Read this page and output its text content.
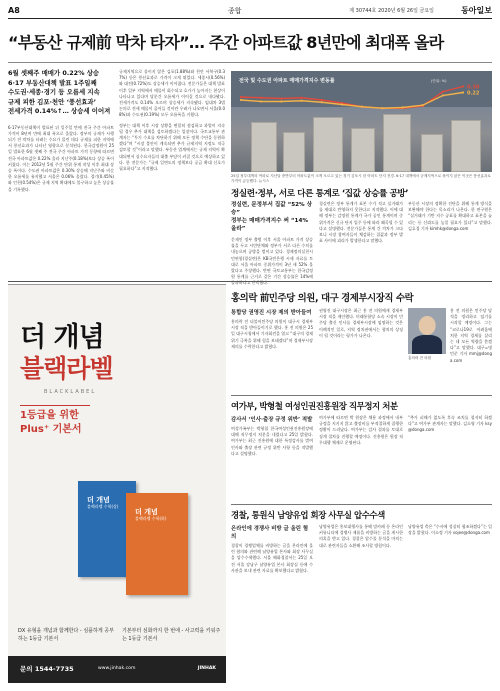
A8	종합	제 30744호 2020년 6월 26일 금요일	동아일보
“부동산 규제前 막차 타자”… 주간 아파트값 8년만에 최대폭 올라
6월 셋째주 매매가 0.22% 상승
6·17 부동산대책 발표 1주일째
수도권·세종·경기 등 오름세 지속
규제 피한 김포·천안 ‘풍선효과’
전세가격 0.14%↑… 상승세 이어져
6·17부동산대책이 발표된 뒤 일주일 만에 전국 주간 아파트 가격이 8년여 만에 최대 폭으로 올랐다. 정부의 규제가 시행되기 전 막차를 타려는 수요가 몰린 데다 규제를 피한 지역에서 풍선효과가 나타난 영향으로 분석된다. 한국감정원이 25일 발표한 6월 셋째 주 전국 주간 아파트 가격 동향에 따르면 전국 아파트값은 0.22% 올라 지난주(0.18%)보다 상승 폭이 커졌다. 이는 2012년 5월 주간 단위 통계 작성 이후 최대 상승 폭이다. 수도권 아파트값은 0.30% 상승해 지난주와 비슷한 오름세를 유지했고 서울은 0.06% 올랐다. 경기(0.45%)와 인천(0.54%)은 규제 지역 확대에도 불구하고 높은 상승률을 기록했다.
규제지역으로 묶이지 않은 김포(1.88%)와 천안 서북구(0.37%) 등은 풍선효과로 가격이 크게 뛰었다. 세종시(0.56%)와 대전(0.72%)도 상승세가 이어졌다. 전문가들은 대책 발표 이후 일부 지역에서 매물이 회수되고 호가가 높아지는 현상이 나타나고 있다며 당분간 오름세가 이어질 것으로 내다봤다. 전세가격도 0.14% 오르며 상승세가 지속됐다. 임대차 3법 논의로 전세 매물이 줄어들 것이란 우려가 나오면서 서울(0.08%)과 수도권(0.19%) 모두 오름폭을 키웠다.
정부는 대책 이후 시장 상황을 면밀히 점검하고 과열이 지속될 경우 추가 대책을 검토하겠다는 입장이다. 국토교통부 관계자는 “투기 수요를 차단하기 위해 모든 정책 수단을 동원하겠다”며 “시장 불안이 계속되면 추가 규제지역 지정도 적극 검토할 것”이라고 말했다. 부동산 업계에서는 규제 지역이 확대되면서 실수요자들의 대출 부담이 커질 것으로 예상하고 있다. 한 전문가는 “규제 일변도의 정책보다 공급 확대 신호가 필요하다”고 지적했다.
전국 및 수도권 아파트 매매가격지수 변동률	(단위: %)
0.30
0.22
25일 정부대책의 여파로 지난달 중반부터 아파트값이 크게 오르고 있는 경기 김포시 한 아파트 단지 전경. 6·17 대책에서 규제지역으로 묶이지 않은 이곳은 풍선효과로 가격이 급등했다. 뉴시스
정실련·정부, 서로 다른 통계로 ‘집값 상승률 공방’
정실련, 문정부서 집값 “52% 상승”
정부는 매매가격지수 써 “14% 올라”
문재인 정부 출범 이후 서울 아파트 가격 상승률을 두고 시민단체와 정부가 서로 다른 수치를 내놓으며 공방을 벌이고 있다. 경제정의실천시민연합(경실련)은 KB국민은행 시세 자료를 토대로 서울 아파트 중위가격이 3년 새 52% 올랐다고 주장했다. 반면 국토교통부는 한국감정원 통계를 근거로 같은 기간 상승률은 14%에 불과하다고 반박했다.
경실련은 정부 통계가 표본 수가 적고 실거래가를 제대로 반영하지 못한다고 지적했다. 이에 대해 정부는 감정원 통계가 국가 공인 통계이며 중위가격은 신규 단지 입주 등에 따라 왜곡될 수 있다고 설명했다. 전문가들은 통계 간 격차가 크다 보니 시장 참여자들이 체감하는 집값과 정부 발표 사이에 괴리가 발생한다고 말했다.
부동산 시장의 정확한 진단을 위해 통계 방식을 보완해야 한다는 목소리가 나온다. 한 연구원은 “실거래가 기반 지수 공표를 확대하고 표본을 늘리는 등 신뢰도를 높일 필요가 있다”고 말했다. 김호경 기자 kimhk@donga.com
더 개념
블랙라벨
BLACKLABEL
1등급을 위한
Plus⁺ 기본서
더 개념
블랙라벨 수학(상)
더 개념
블랙라벨 수학(하)
DX 유형을 개념과 함께한다 - 심플하게 공부하는 1등급 기본서
기본부터 심화까지 한 번에 - 사고력을 키워주는 1등급 기본서
문의 1544-7735	www.jinhak.com	JINHAK
홍의락 前민주당 의원, 대구 경제부시장직 수락
통합당 권영진 시장 제의 받아들여
홍의락 전 더불어민주당 의원이 대구시 경제부시장 직을 받아들이기로 했다. 홍 전 의원은 25일 대구시청에서 기자회견을 열고 “대구의 경제 위기 극복을 위해 힘을 보태겠다”며 경제부시장 제의를 수락한다고 밝혔다.
권영진 대구시장은 최근 홍 전 의원에게 경제부시장 직을 제안했다. 미래통합당 소속 시장이 민주당 출신 인사를 경제부시장에 임명하는 것은 이례적인 일로, 지역 정치권에서는 협치의 상징이 될 것이라는 평가가 나온다.
홍 전 의원은 민주당 당적을 정리하고 임기를 시작할 예정이다. 그는 “코로나19로 어려움에 처한 지역 경제를 살리는 데 모든 역량을 쏟겠다”고 말했다. 대구=명민준 기자 mmj@donga.com
홍의락 전 의원
여가부, 박형철 여성인권진흥원장 직무정지 처분
감사서 ‘인사·출장 규정 위반’ 적발
여성가족부는 박형철 한국여성인권진흥원장에 대해 직무정지 처분을 내렸다고 25일 밝혔다. 여가부는 최근 진흥원에 대한 특정감사를 벌여 인사와 출장 관련 규정 위반 사항 등을 적발했다고 설명했다.
여가부에 따르면 박 원장은 채용 과정에서 내부 규정을 지키지 않고 출장비를 부적절하게 집행한 정황이 드러났다. 여가부는 감사 결과를 토대로 징계 절차를 진행할 예정이다. 진흥원은 원장 직무대행 체제로 운영된다.
“추가 피해가 없도록 후속 조치를 철저히 하겠다”고 여가부 관계자는 말했다. 김소영 기자 ksy@donga.com
경찰, 통원식 남양유업 회장 사무실 압수수색
온라인에 경쟁사 비방 글 올린 혐의
경찰이 경쟁업체를 비방하는 글을 온라인에 올린 혐의와 관련해 남양유업 본사와 회장 사무실을 압수수색했다. 서울 혜화경찰서는 25일 오전 서울 강남구 남양유업 본사 회장실 등에 수사관을 보내 관련 자료를 확보했다고 밝혔다.
남양유업은 홍보대행사를 통해 맘카페 등 온라인 커뮤니티에 경쟁사 제품을 비방하는 글을 게시한 의혹을 받고 있다. 경찰은 압수물 분석을 마치는 대로 관련자들을 소환해 조사할 방침이다.
남양유업 측은 “수사에 성실히 협조하겠다”는 입장을 밝혔다. 이소정 기자 sojee@donga.com
